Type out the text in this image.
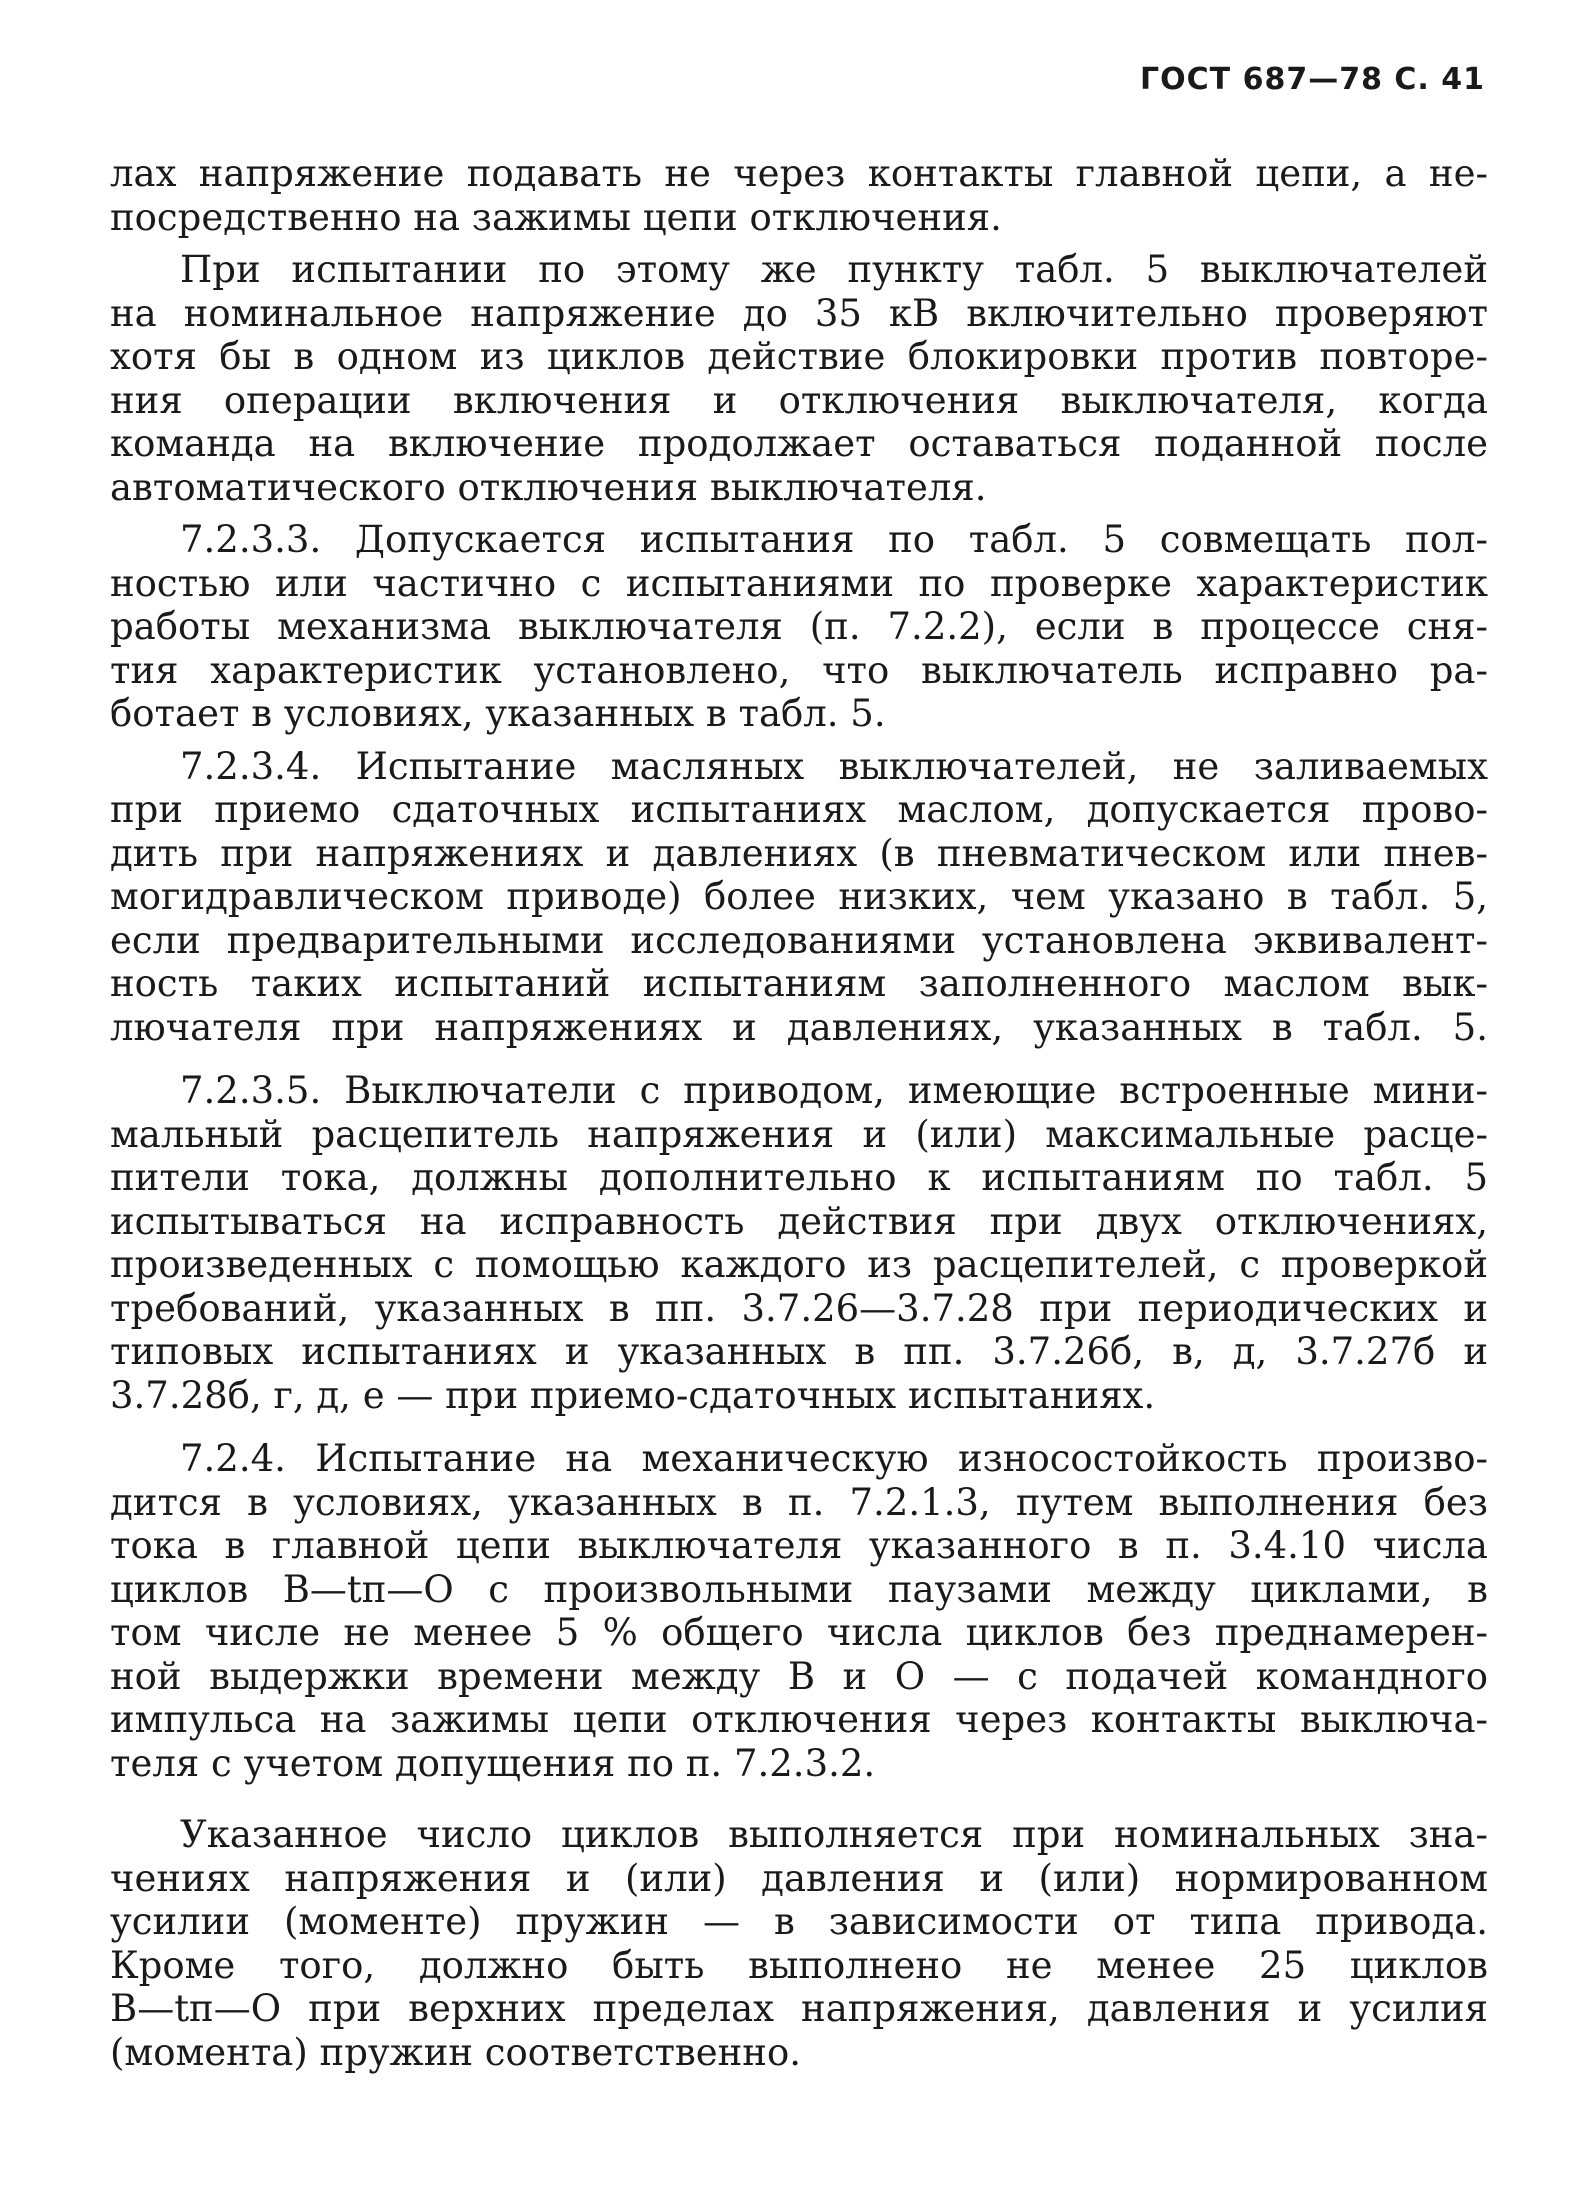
ГОСТ 687—78 С. 41
лах напряжение подавать не через контакты главной цепи, а не-
посредственно на зажимы цепи отключения.
При испытании по этому же пункту табл. 5 выключателей
на номинальное напряжение до 35 кВ включительно проверяют
хотя бы в одном из циклов действие блокировки против повторе-
ния операции включения и отключения выключателя, когда
команда на включение продолжает оставаться поданной после
автоматического отключения выключателя.
7.2.3.3. Допускается испытания по табл. 5 совмещать пол-
ностью или частично с испытаниями по проверке характеристик
работы механизма выключателя (п. 7.2.2), если в процессе сня-
тия характеристик установлено, что выключатель исправно ра-
ботает в условиях, указанных в табл. 5.
7.2.3.4. Испытание масляных выключателей, не заливаемых
при приемо сдаточных испытаниях маслом, допускается прово-
дить при напряжениях и давлениях (в пневматическом или пнев-
могидравлическом приводе) более низких, чем указано в табл. 5,
если предварительными исследованиями установлена эквивалент-
ность таких испытаний испытаниям заполненного маслом вык-
лючателя при напряжениях и давлениях, указанных в табл. 5.
7.2.3.5. Выключатели с приводом, имеющие встроенные мини-
мальный расцепитель напряжения и (или) максимальные расце-
пители тока, должны дополнительно к испытаниям по табл. 5
испытываться на исправность действия при двух отключениях,
произведенных с помощью каждого из расцепителей, с проверкой
требований, указанных в пп. 3.7.26—3.7.28 при периодических и
типовых испытаниях и указанных в пп. 3.7.26б, в, д, 3.7.27б и
3.7.28б, г, д, е — при приемо-сдаточных испытаниях.
7.2.4. Испытание на механическую износостойкость произво-
дится в условиях, указанных в п. 7.2.1.3, путем выполнения без
тока в главной цепи выключателя указанного в п. 3.4.10 числа
циклов В—tп—О с произвольными паузами между циклами, в
том числе не менее 5 % общего числа циклов без преднамерен-
ной выдержки времени между В и О — с подачей командного
импульса на зажимы цепи отключения через контакты выключа-
теля с учетом допущения по п. 7.2.3.2.
Указанное число циклов выполняется при номинальных зна-
чениях напряжения и (или) давления и (или) нормированном
усилии (моменте) пружин — в зависимости от типа привода.
Кроме того, должно быть выполнено не менее 25 циклов
В—tп—О при верхних пределах напряжения, давления и усилия
(момента) пружин соответственно.
